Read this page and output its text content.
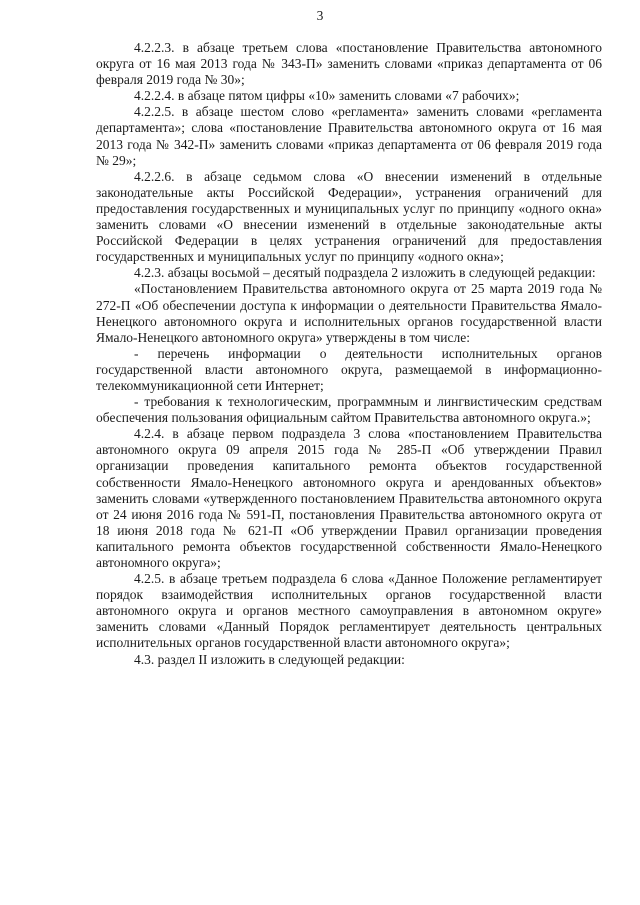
3

4.2.2.3. в абзаце третьем слова «постановление Правительства автономного округа от 16 мая 2013 года № 343-П» заменить словами «приказ департамента от 06 февраля 2019 года № 30»;

4.2.2.4. в абзаце пятом цифры «10» заменить словами «7 рабочих»;

4.2.2.5. в абзаце шестом слово «регламента» заменить словами «регламента департамента»; слова «постановление Правительства автономного округа от 16 мая 2013 года № 342-П» заменить словами «приказ департамента от 06 февраля 2019 года № 29»;

4.2.2.6. в абзаце седьмом слова «О внесении изменений в отдельные законодательные акты Российской Федерации», устранения ограничений для предоставления государственных и муниципальных услуг по принципу «одного окна» заменить словами «О внесении изменений в отдельные законодательные акты Российской Федерации в целях устранения ограничений для предоставления государственных и муниципальных услуг по принципу «одного окна»;

4.2.3. абзацы восьмой – десятый подраздела 2 изложить в следующей редакции:

«Постановлением Правительства автономного округа от 25 марта 2019 года № 272-П «Об обеспечении доступа к информации о деятельности Правительства Ямало-Ненецкого автономного округа и исполнительных органов государственной власти Ямало-Ненецкого автономного округа» утверждены в том числе:

- перечень информации о деятельности исполнительных органов государственной власти автономного округа, размещаемой в информационно-телекоммуникационной сети Интернет;

- требования к технологическим, программным и лингвистическим средствам обеспечения пользования официальным сайтом Правительства автономного округа.»;

4.2.4. в абзаце первом подраздела 3 слова «постановлением Правительства автономного округа 09 апреля 2015 года № 285-П «Об утверждении Правил организации проведения капитального ремонта объектов государственной собственности Ямало-Ненецкого автономного округа и арендованных объектов» заменить словами «утвержденного постановлением Правительства автономного округа от 24 июня 2016 года № 591-П, постановления Правительства автономного округа от 18 июня 2018 года № 621-П «Об утверждении Правил организации проведения капитального ремонта объектов государственной собственности Ямало-Ненецкого автономного округа»;

4.2.5. в абзаце третьем подраздела 6 слова «Данное Положение регламентирует порядок взаимодействия исполнительных органов государственной власти автономного округа и органов местного самоуправления в автономном округе» заменить словами «Данный Порядок регламентирует деятельность центральных исполнительных органов государственной власти автономного округа»;

4.3. раздел II изложить в следующей редакции:
